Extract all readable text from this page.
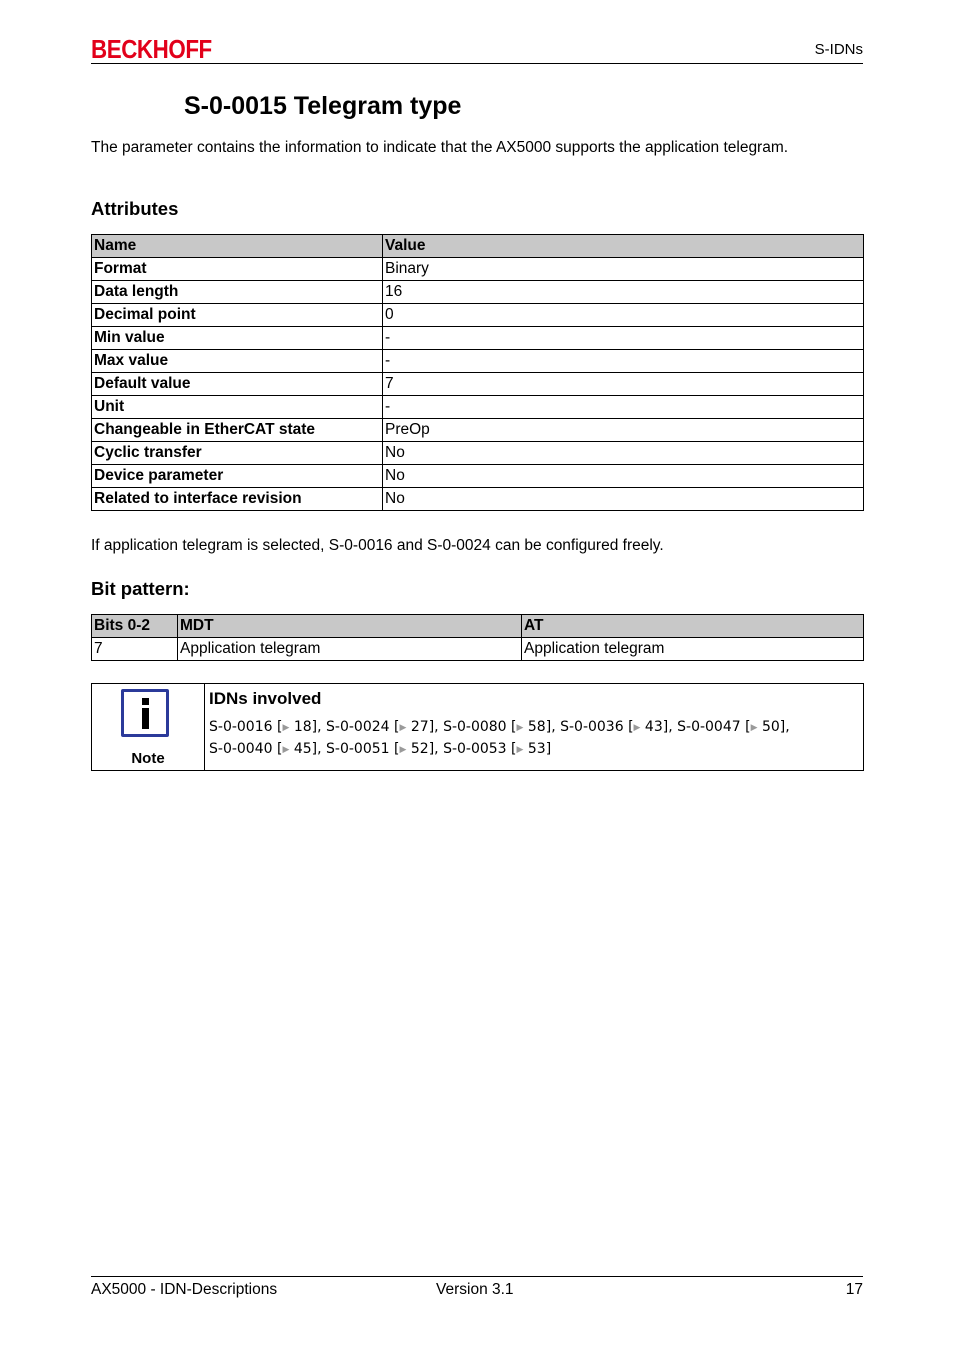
BECKHOFF	S-IDNs
S-0-0015 Telegram type

The parameter contains the information to indicate that the AX5000 supports the application telegram.

Attributes
Name	Value
Format	Binary
Data length	16
Decimal point	0
Min value	-
Max value	-
Default value	7
Unit	-
Changeable in EtherCAT state	PreOp
Cyclic transfer	No
Device parameter	No
Related to interface revision	No

If application telegram is selected, S-0-0016 and S-0-0024 can be configured freely.

Bit pattern:
Bits 0-2	MDT	AT
7	Application telegram	Application telegram
Note
IDNs involved
S-0-0016 [▶ 18], S-0-0024 [▶ 27], S-0-0080 [▶ 58], S-0-0036 [▶ 43], S-0-0047 [▶ 50],
S-0-0040 [▶ 45], S-0-0051 [▶ 52], S-0-0053 [▶ 53]
AX5000 - IDN-Descriptions	Version 3.1	17
